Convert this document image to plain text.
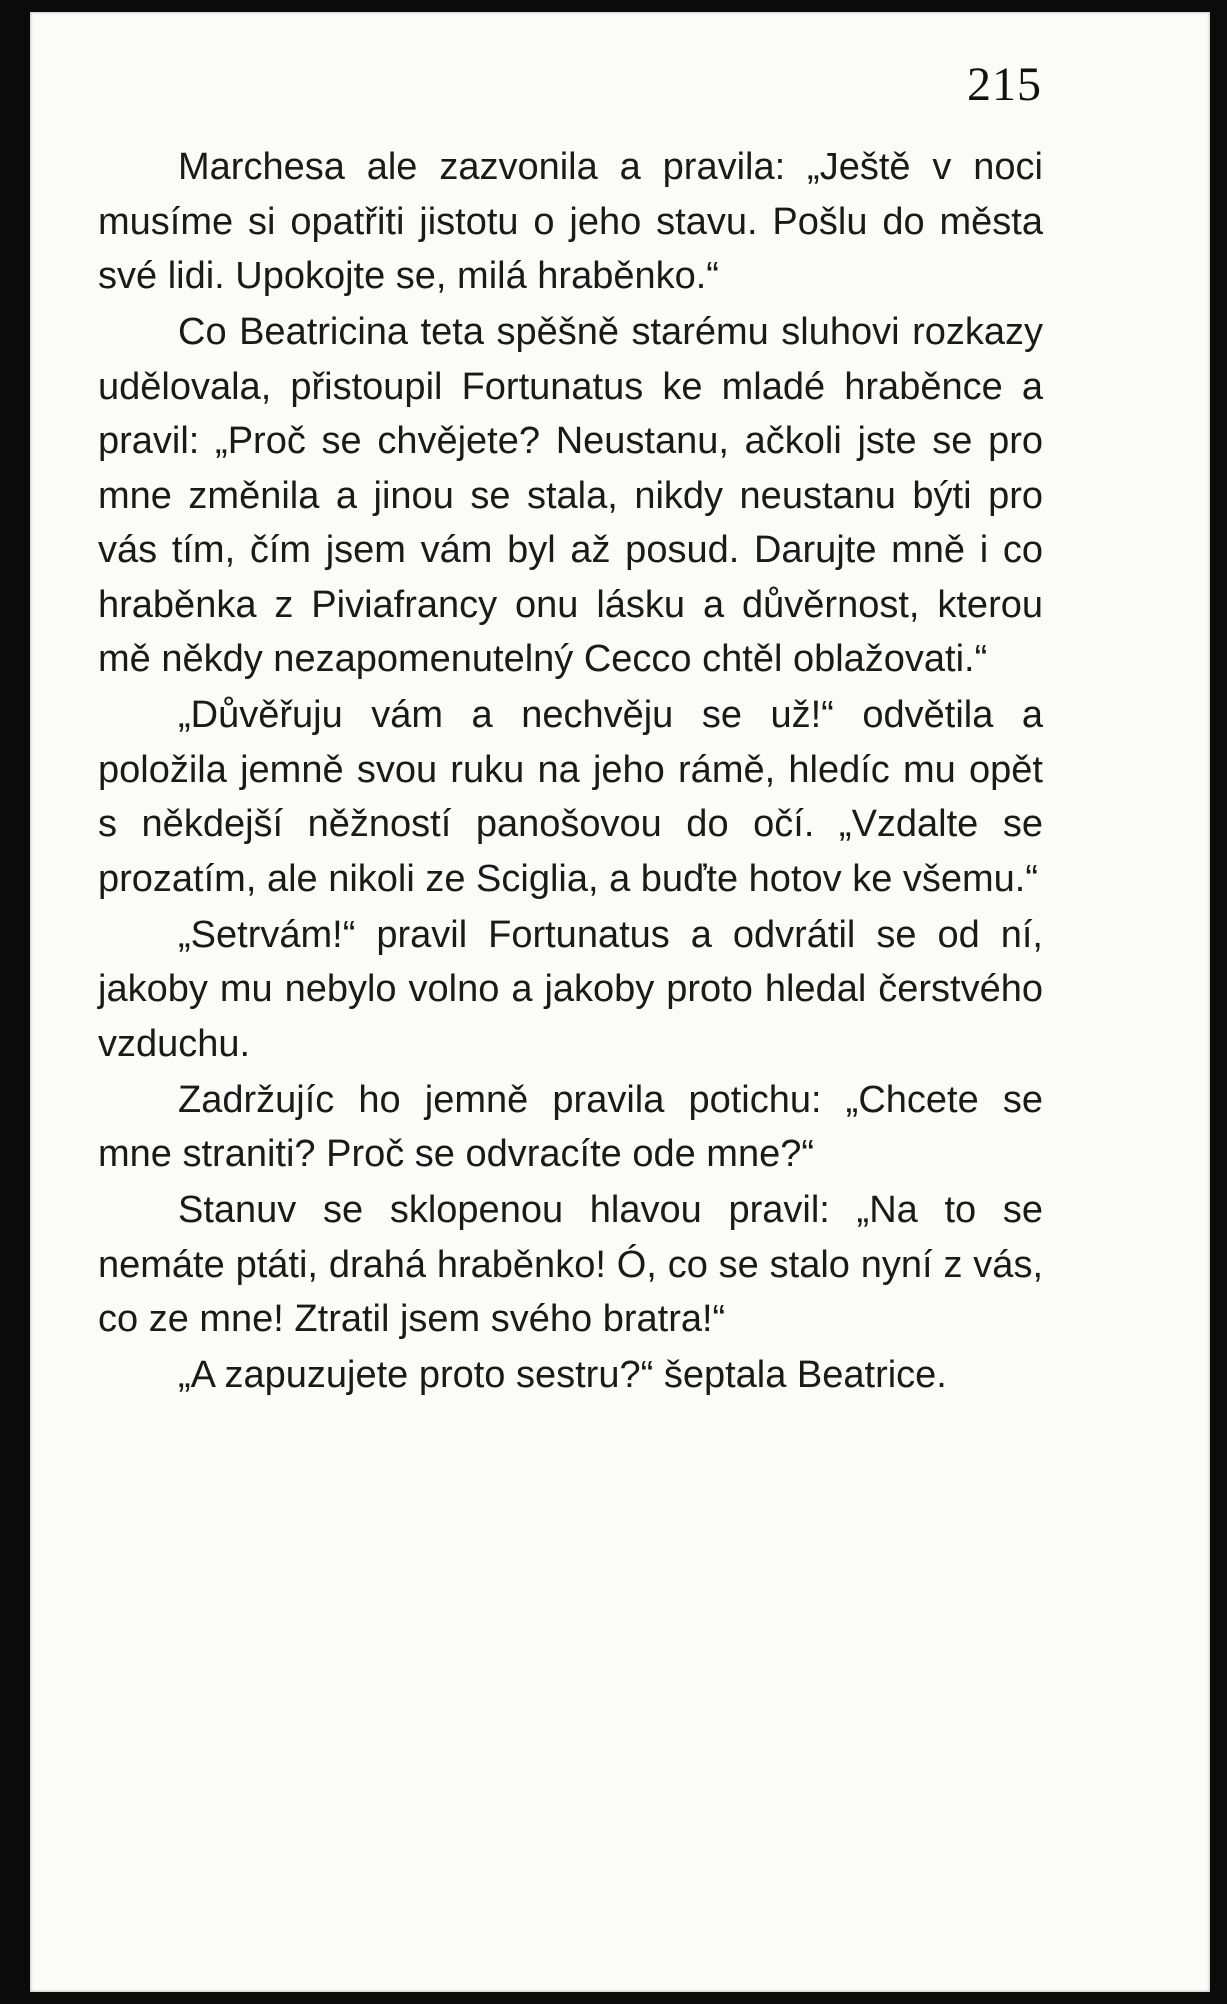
215

Marchesa ale zazvonila a pravila: „Ještě v noci musíme si opatřiti jistotu o jeho stavu. Pošlu do města své lidi. Upokojte se, milá hraběnko.“

Co Beatricina teta spěšně starému sluhovi rozkazy udělovala, přistoupil Fortunatus ke mladé hraběnce a pravil: „Proč se chvějete? Neustanu, ačkoli jste se pro mne změnila a jinou se stala, nikdy neustanu býti pro vás tím, čím jsem vám byl až posud. Darujte mně i co hraběnka z Piviafrancy onu lásku a důvěrnost, kterou mě někdy nezapomenutelný Cecco chtěl oblažovati.“

„Důvěřuju vám a nechvěju se už!“ odvětila a položila jemně svou ruku na jeho rámě, hledíc mu opět s někdejší něžností panošovou do očí. „Vzdalte se prozatím, ale nikoli ze Sciglia, a buďte hotov ke všemu.“

„Setrvám!“ pravil Fortunatus a odvrátil se od ní, jakoby mu nebylo volno a jakoby proto hledal čerstvého vzduchu.

Zadržujíc ho jemně pravila potichu: „Chcete se mne straniti? Proč se odvracíte ode mne?“

Stanuv se sklopenou hlavou pravil: „Na to se nemáte ptáti, drahá hraběnko! Ó, co se stalo nyní z vás, co ze mne! Ztratil jsem svého bratra!“

„A zapuzujete proto sestru?“ šeptala Beatrice.
